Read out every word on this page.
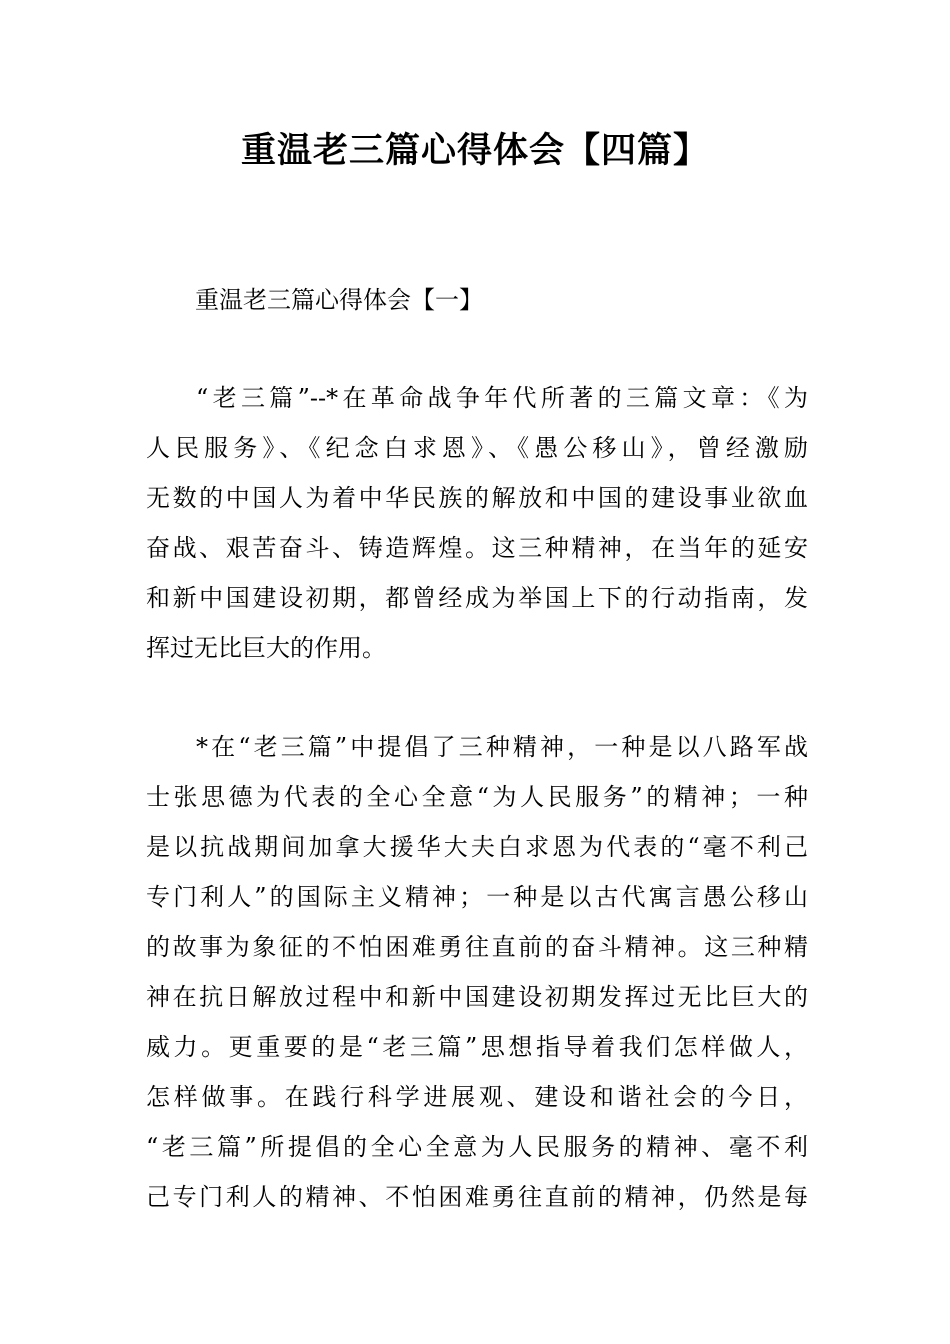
重温老三篇心得体会【四篇】
重温老三篇心得体会【一】
“老三篇”--*在革命战争年代所著的三篇文章：《为
人民服务》、《纪念白求恩》、《愚公移山》，曾经激励
无数的中国人为着中华民族的解放和中国的建设事业欲血
奋战、艰苦奋斗、铸造辉煌。这三种精神，在当年的延安
和新中国建设初期，都曾经成为举国上下的行动指南，发
挥过无比巨大的作用。
*在“老三篇”中提倡了三种精神，一种是以八路军战
士张思德为代表的全心全意“为人民服务”的精神；一种
是以抗战期间加拿大援华大夫白求恩为代表的“毫不利己
专门利人”的国际主义精神；一种是以古代寓言愚公移山
的故事为象征的不怕困难勇往直前的奋斗精神。这三种精
神在抗日解放过程中和新中国建设初期发挥过无比巨大的
威力。更重要的是“老三篇”思想指导着我们怎样做人，
怎样做事。在践行科学进展观、建设和谐社会的今日，
“老三篇”所提倡的全心全意为人民服务的精神、毫不利
己专门利人的精神、不怕困难勇往直前的精神，仍然是每
